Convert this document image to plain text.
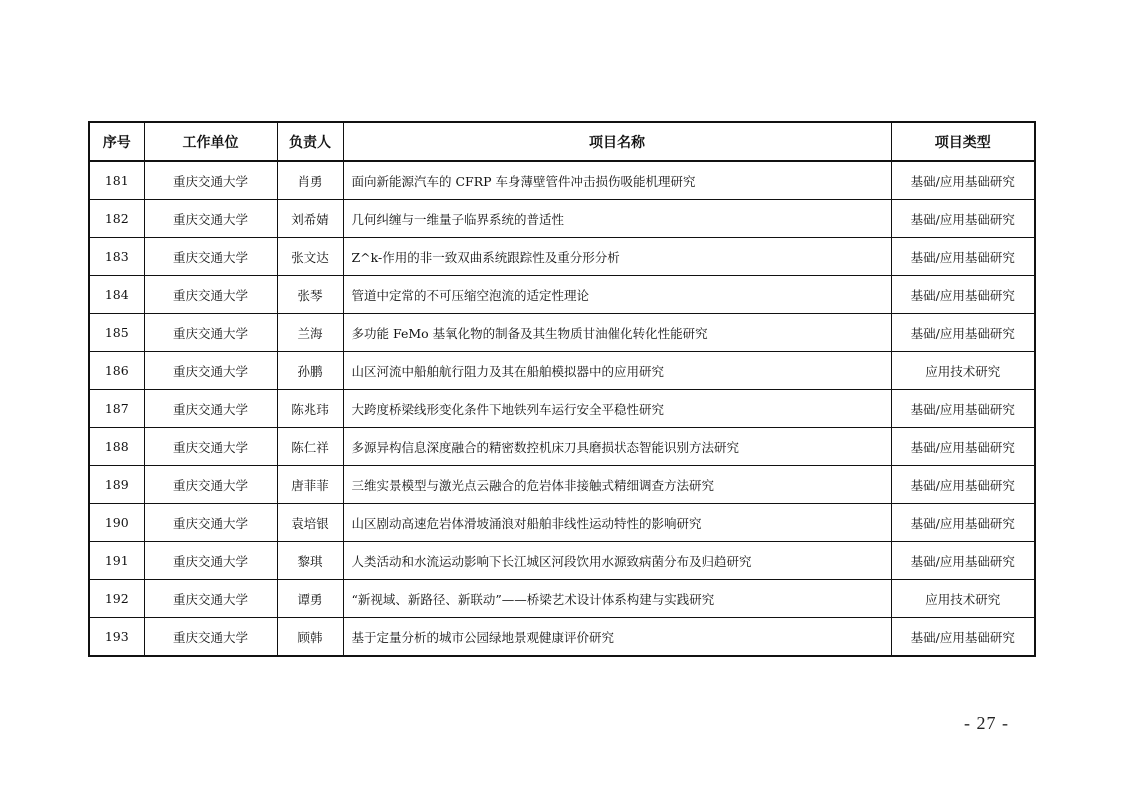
序号	工作单位	负责人	项目名称	项目类型
181	重庆交通大学	肖勇	面向新能源汽车的 CFRP 车身薄壁管件冲击损伤吸能机理研究	基础/应用基础研究
182	重庆交通大学	刘希婧	几何纠缠与一维量子临界系统的普适性	基础/应用基础研究
183	重庆交通大学	张文达	Z^k-作用的非一致双曲系统跟踪性及重分形分析	基础/应用基础研究
184	重庆交通大学	张琴	管道中定常的不可压缩空泡流的适定性理论	基础/应用基础研究
185	重庆交通大学	兰海	多功能 FeMo 基氧化物的制备及其生物质甘油催化转化性能研究	基础/应用基础研究
186	重庆交通大学	孙鹏	山区河流中船舶航行阻力及其在船舶模拟器中的应用研究	应用技术研究
187	重庆交通大学	陈兆玮	大跨度桥梁线形变化条件下地铁列车运行安全平稳性研究	基础/应用基础研究
188	重庆交通大学	陈仁祥	多源异构信息深度融合的精密数控机床刀具磨损状态智能识别方法研究	基础/应用基础研究
189	重庆交通大学	唐菲菲	三维实景模型与激光点云融合的危岩体非接触式精细调查方法研究	基础/应用基础研究
190	重庆交通大学	袁培银	山区剧动高速危岩体滑坡涌浪对船舶非线性运动特性的影响研究	基础/应用基础研究
191	重庆交通大学	黎琪	人类活动和水流运动影响下长江城区河段饮用水源致病菌分布及归趋研究	基础/应用基础研究
192	重庆交通大学	谭勇	“新视域、新路径、新联动”——桥梁艺术设计体系构建与实践研究	应用技术研究
193	重庆交通大学	顾韩	基于定量分析的城市公园绿地景观健康评价研究	基础/应用基础研究
- 27 -
